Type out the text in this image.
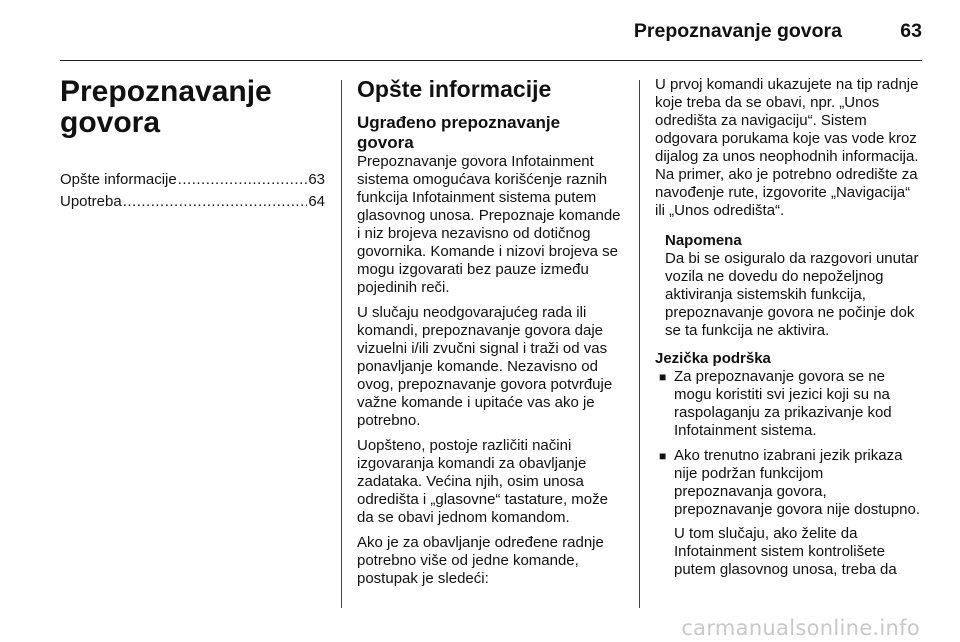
Prepoznavanje govora	63
Prepoznavanje
govora
Opšte informacije .....	63
Upotreba .....	64
Opšte informacije
Ugrađeno prepoznavanje
govora

Prepoznavanje govora Infotainment sistema omogućava korišćenje raznih funkcija Infotainment sistema putem glasovnog unosa. Prepoznaje komande i niz brojeva nezavisno od dotičnog govornika. Komande i nizovi brojeva se mogu izgovarati bez pauze između pojedinih reči.

U slučaju neodgovarajućeg rada ili komandi, prepoznavanje govora daje vizuelni i/ili zvučni signal i traži od vas ponavljanje komande. Nezavisno od ovog, prepoznavanje govora potvrđuje važne komande i upitaće vas ako je potrebno.

Uopšteno, postoje različiti načini izgovaranja komandi za obavljanje zadataka. Većina njih, osim unosa odredišta i „glasovne“ tastature, može da se obavi jednom komandom.

Ako je za obavljanje određene radnje potrebno više od jedne komande, postupak je sledeći:

U prvoj komandi ukazujete na tip radnje koje treba da se obavi, npr. „Unos odredišta za navigaciju“. Sistem odgovara porukama koje vas vode kroz dijalog za unos neophodnih informacija. Na primer, ako je potrebno odredište za navođenje rute, izgovorite „Navigacija“ ili „Unos odredišta“.

Napomena
Da bi se osiguralo da razgovori unutar vozila ne dovedu do nepoželjnog aktiviranja sistemskih funkcija, prepoznavanje govora ne počinje dok se ta funkcija ne aktivira.
Jezička podrška
■ Za prepoznavanje govora se ne mogu koristiti svi jezici koji su na raspolaganju za prikazivanje kod Infotainment sistema.
■ Ako trenutno izabrani jezik prikaza nije podržan funkcijom prepoznavanja govora, prepoznavanje govora nije dostupno.
U tom slučaju, ako želite da Infotainment sistem kontrolišete putem glasovnog unosa, treba da
carmanualsonline.info
